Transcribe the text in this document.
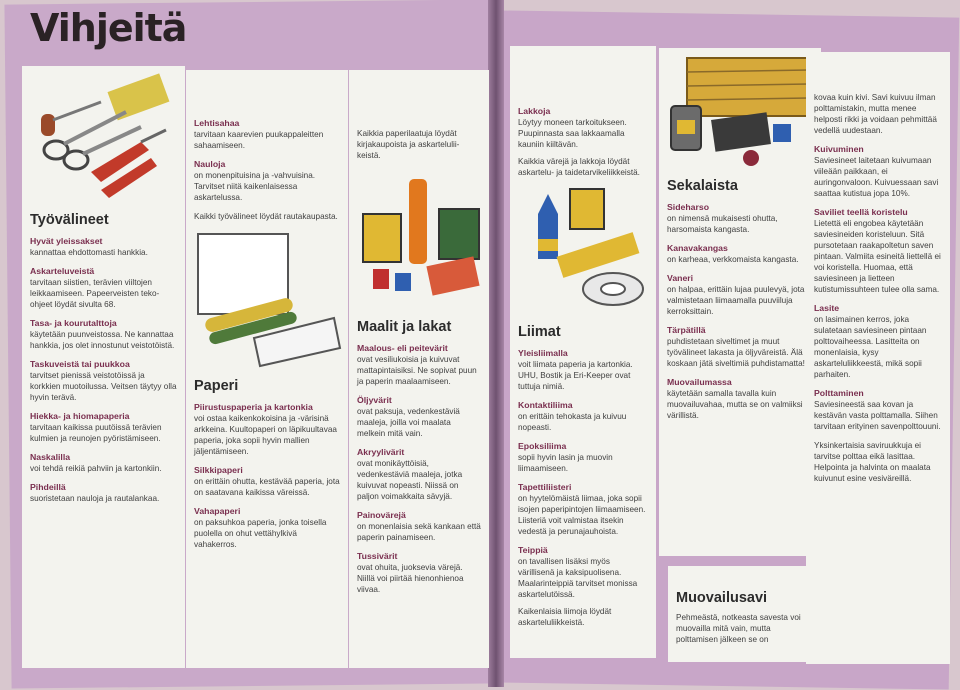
Vihjeitä
Työvälineet
Hyvät yleissakset
kannattaa ehdottomasti hankkia.
Askarteluveistä
tarvitaan siistien, terävien viiltojen leikkaamiseen. Papeerveisten teko-ohjeet löydät sivulta 68.
Tasa- ja kourutalttoja
käytetään puunveistossa. Ne kannattaa hankkia, jos olet innostunut veistotöistä.
Taskuveistä tai puukkoa
tarvitset pienissä veistotöissä ja korkkien muotoilussa. Veitsen täytyy olla hyvin terävä.
Hiekka- ja hiomapaperia
tarvitaan kaikissa puutöissä terävien kulmien ja reunojen pyöristämiseen.
Naskalilla
voi tehdä reikiä pahviin ja kartonkiin.
Pihdeillä
suoristetaan nauloja ja rautalankaa.
Lehtisahaa
tarvitaan kaarevien puukappaleitten sahaamiseen.
Nauloja
on monenpituisina ja -vahvuisina. Tarvitset niitä kaikenlaisessa askartelussa.
Kaikki työvälineet löydät rautakaupasta.
Paperi
Piirustuspaperia ja kartonkia
voi ostaa kaikenkokoisina ja -värisinä arkkeina. Kuultopaperi on läpikuultavaa paperia, joka sopii hyvin mallien jäljentämiseen.
Silkkipaperi
on erittäin ohutta, kestävää paperia, jota on saatavana kaikissa väreissä.
Vahapaperi
on paksuhkoa paperia, jonka toisella puolella on ohut vettähylkivä vahakerros.
Kaikkia paperilaatuja löydät kirjakaupoista ja askartelulii-keistä.
Maalit ja lakat
Maalous- eli peitevärit
ovat vesiliukoisia ja kuivuvat mattapintaisiksi. Ne sopivat puun ja paperin maalaamiseen.
Öljyvärit
ovat paksuja, vedenkestäviä maaleja, joilla voi maalata melkein mitä vain.
Akryylivärit
ovat monikäyttöisiä, vedenkestäviä maaleja, jotka kuivuvat nopeasti. Niissä on paljon voimakkaita sävyjä.
Painovärejä
on monenlaisia sekä kankaan että paperin painamiseen.
Tussivärit
ovat ohuita, juoksevia värejä. Niillä voi piirtää hienonhienoa viivaa.
Lakkoja
Löytyy moneen tarkoitukseen. Puupinnasta saa lakkaamalla kauniin kiiltävän.
Kaikkia värejä ja lakkoja löydät askartelu- ja taidetarvikeliikkeistä.
Liimat
Yleisliimalla
voit liimata paperia ja kartonkia. UHU, Bostik ja Eri-Keeper ovat tuttuja nimiä.
Kontaktiliima
on erittäin tehokasta ja kuivuu nopeasti.
Epoksiliima
sopii hyvin lasin ja muovin liimaamiseen.
Tapettiliisteri
on hyytelömäistä liimaa, joka sopii isojen paperipintojen liimaamiseen. Liisteriä voit valmistaa itsekin vedestä ja perunajauhoista.
Teippiä
on tavallisen lisäksi myös värillisenä ja kaksipuolisena. Maalarinteippiä tarvitset monissa askartelutöissä.
Kaikenlaisia liimoja löydät askarteluliikkeistä.
Sekalaista
Sideharso
on nimensä mukaisesti ohutta, harsomaista kangasta.
Kanavakangas
on karheaa, verkkomaista kangasta.
Vaneri
on halpaa, erittäin lujaa puulevyä, jota valmistetaan liimaamalla puuviiluja kerroksittain.
Tärpätillä
puhdistetaan siveltimet ja muut työvälineet lakasta ja öljyväreistä. Älä koskaan jätä siveltimiä puhdistamatta!
Muovailumassa
käytetään samalla tavalla kuin muovailuvahaa, mutta se on valmiiksi värillistä.
Muovailusavi
Pehmeästä, notkeasta savesta voi muovailla mitä vain, mutta polttamisen jälkeen se on
kovaa kuin kivi. Savi kuivuu ilman polttamistakin, mutta menee helposti rikki ja voidaan pehmittää vedellä uudestaan.
Kuivuminen
Saviesineet laitetaan kuivumaan viileään paikkaan, ei auringonvaloon. Kuivuessaan savi saattaa kutistua jopa 10%.
Saviliet teellä koristelu
Lietettä eli engobea käytetään saviesineiden koristeluun. Sitä pursotetaan raakapoltetun saven pintaan. Valmiita esineitä liettellä ei voi koristella. Huomaa, että saviesineen ja lietteen kutistumissuhteen tulee olla sama.
Lasite
on lasimainen kerros, joka sulatetaan saviesineen pintaan polttovaiheessa. Lasitteita on monenlaisia, kysy askarteluliikkeestä, mikä sopii parhaiten.
Polttaminen
Saviesineestä saa kovan ja kestävän vasta polttamalla. Siihen tarvitaan erityinen savenpolttouuni.
Yksinkertaisia saviruukkuja ei tarvitse polttaa eikä lasittaa. Helpointa ja halvinta on maalata kuivunut esine vesiväreillä.
